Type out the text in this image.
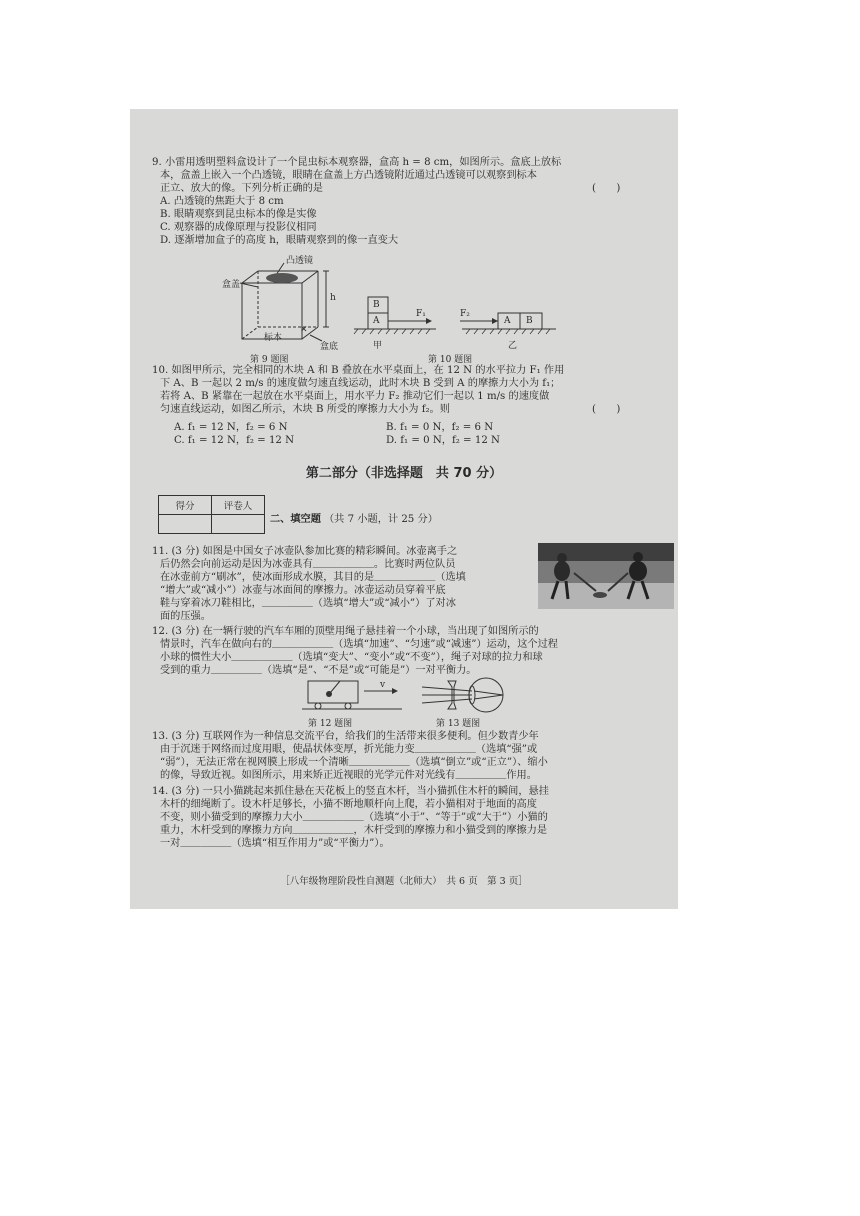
9. 小雷用透明塑料盒设计了一个昆虫标本观察器，盒高 h = 8 cm，如图所示。盒底上放标
本，盒盖上嵌入一个凸透镜，眼睛在盒盖上方凸透镜附近通过凸透镜可以观察到标本
正立、放大的像。下列分析正确的是	(　　)
A. 凸透镜的焦距大于 8 cm
B. 眼睛观察到昆虫标本的像是实像
C. 观察器的成像原理与投影仪相同
D. 逐渐增加盒子的高度 h，眼睛观察到的像一直变大
✕
凸透镜
盒盖
h
标本
盒底
第 9 题图
B
A
F₁	F₂
A B
甲	乙
第 10 题图
10. 如图甲所示，完全相同的木块 A 和 B 叠放在水平桌面上，在 12 N 的水平拉力 F₁ 作用
下 A、B 一起以 2 m/s 的速度做匀速直线运动，此时木块 B 受到 A 的摩擦力大小为 f₁；
若将 A、B 紧靠在一起放在水平桌面上，用水平力 F₂ 推动它们一起以 1 m/s 的速度做
匀速直线运动，如图乙所示，木块 B 所受的摩擦力大小为 f₂。则	(　　)
A. f₁ = 12 N，f₂ = 6 N	B. f₁ = 0 N，f₂ = 6 N
C. f₁ = 12 N，f₂ = 12 N	D. f₁ = 0 N，f₂ = 12 N
第二部分（非选择题　共 70 分）
得分	评卷人

二、填空题 （共 7 小题，计 25 分）
11. (3 分) 如图是中国女子冰壶队参加比赛的精彩瞬间。冰壶离手之
后仍然会向前运动是因为冰壶具有＿＿＿＿＿＿。比赛时两位队员
在冰壶前方“刷冰”，使冰面形成水膜，其目的是＿＿＿＿＿＿（选填
“增大”或“减小”）冰壶与冰面间的摩擦力。冰壶运动员穿着平底
鞋与穿着冰刀鞋相比，＿＿＿＿＿（选填“增大”或“减小”）了对冰
面的压强。
12. (3 分) 在一辆行驶的汽车车厢的顶壁用绳子悬挂着一个小球，当出现了如图所示的
情景时，汽车在做向右的＿＿＿＿＿＿（选填“加速”、“匀速”或“减速”）运动，这个过程
小球的惯性大小＿＿＿＿＿＿（选填“变大”、“变小”或“不变”），绳子对球的拉力和球
受到的重力＿＿＿＿＿（选填“是”、“不是”或“可能是”）一对平衡力。
v
第 12 题图	第 13 题图
13. (3 分) 互联网作为一种信息交流平台，给我们的生活带来很多便利。但少数青少年
由于沉迷于网络而过度用眼，使晶状体变厚，折光能力变＿＿＿＿＿＿（选填“强”或
“弱”），无法正常在视网膜上形成一个清晰＿＿＿＿＿＿（选填“倒立”或“正立”）、缩小
的像，导致近视。如图所示，用来矫正近视眼的光学元件对光线有＿＿＿＿＿作用。
14. (3 分) 一只小猫跳起来抓住悬在天花板上的竖直木杆，当小猫抓住木杆的瞬间，悬挂
木杆的细绳断了。设木杆足够长，小猫不断地顺杆向上爬，若小猫相对于地面的高度
不变，则小猫受到的摩擦力大小＿＿＿＿＿＿（选填“小于”、“等于”或“大于”）小猫的
重力，木杆受到的摩擦力方向＿＿＿＿＿＿，木杆受到的摩擦力和小猫受到的摩擦力是
一对＿＿＿＿＿（选填“相互作用力”或“平衡力”）。
［八年级物理阶段性自测题（北师大）　共 6 页　第 3 页］
